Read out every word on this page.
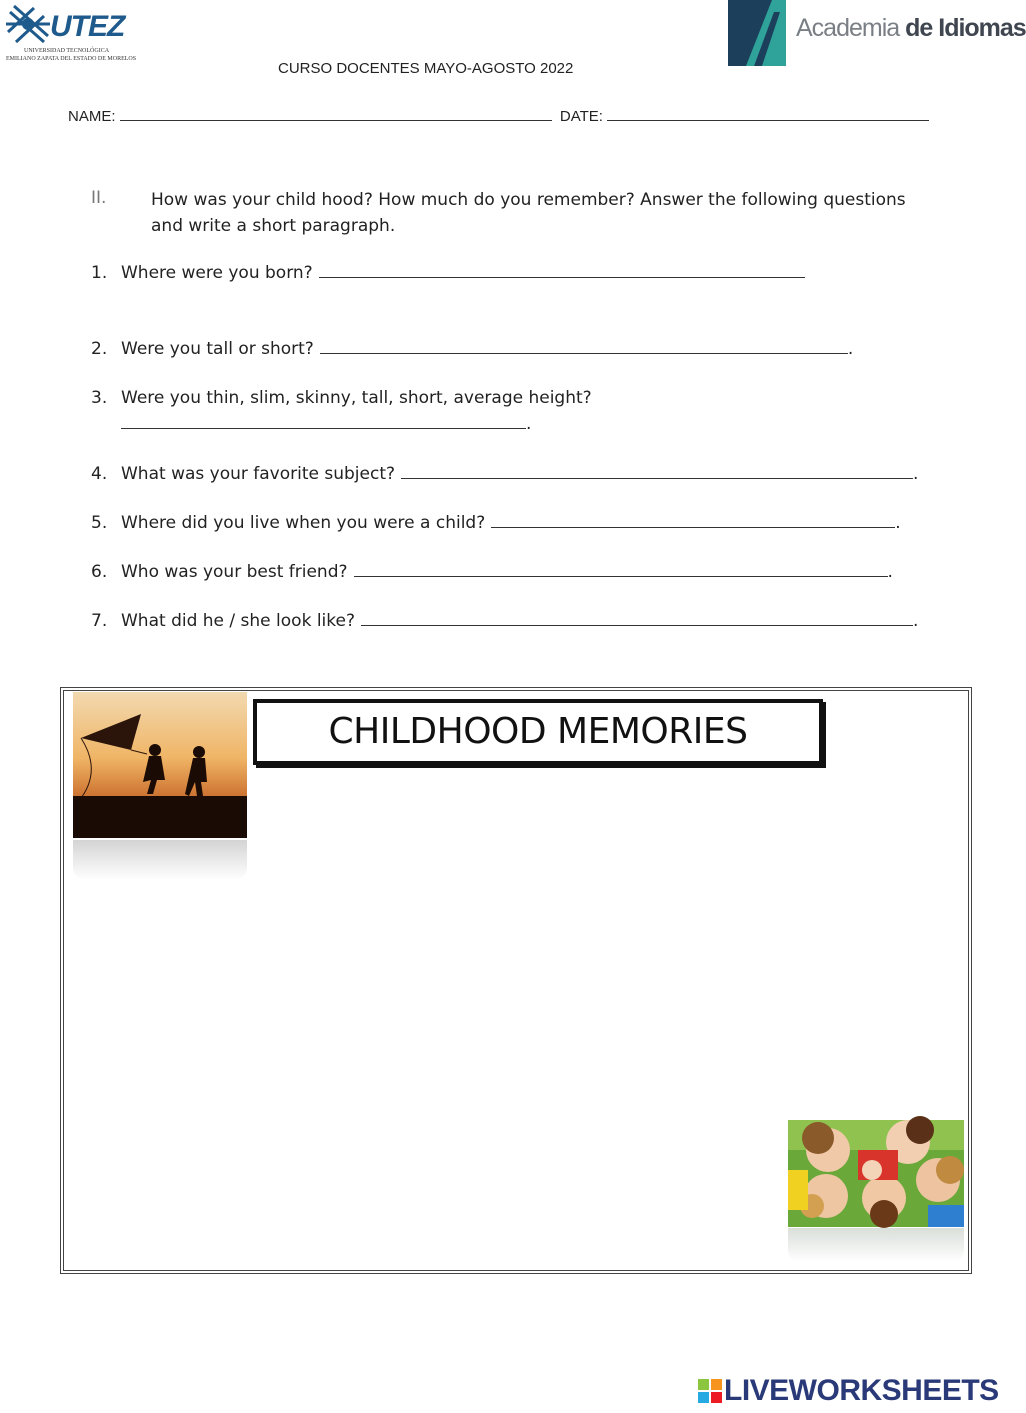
UTEZ
UNIVERSIDAD TECNOLÓGICA
EMILIANO ZAPATA DEL ESTADO DE MORELOS
Academia de Idiomas
CURSO DOCENTES MAYO-AGOSTO 2022
NAME:	DATE:
II.	How was your child hood? How much do you remember? Answer the following questions and write a short paragraph.
1. Where were you born?
2. Were you tall or short?	.
3. Were you thin, slim, skinny, tall, short, average height?
.
4. What was your favorite subject?	.
5. Where did you live when you were a child?	.
6. Who was your best friend?	.
7. What did he / she look like?	.
CHILDHOOD MEMORIES
LIVEWORKSHEETS
